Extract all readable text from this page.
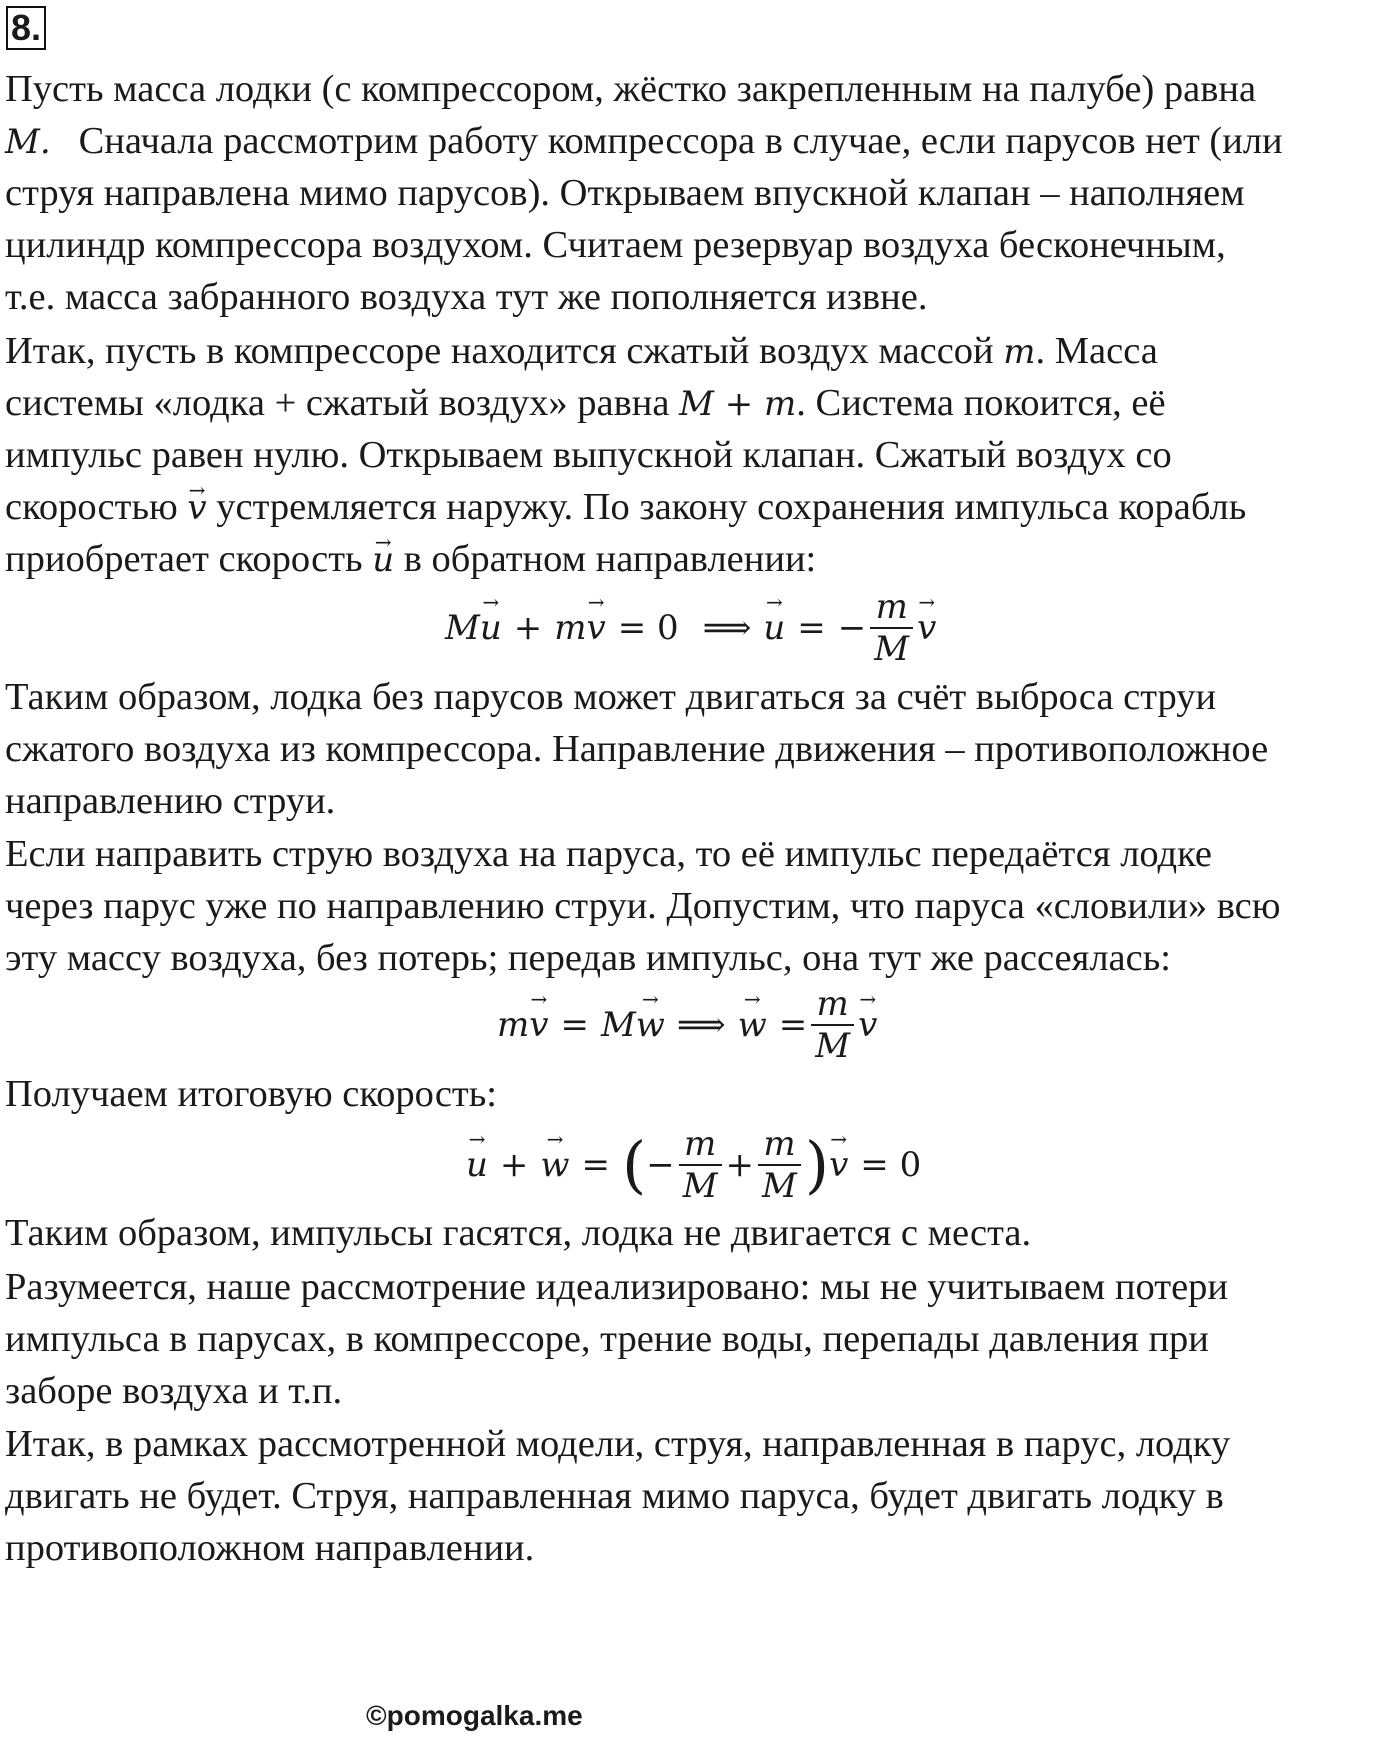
8.
Пусть масса лодки (с компрессором, жёстко закрепленным на палубе) равна
M. Сначала рассмотрим работу компрессора в случае, если парусов нет (или
струя направлена мимо парусов). Открываем впускной клапан – наполняем
цилиндр компрессора воздухом. Считаем резервуар воздуха бесконечным,
т.е. масса забранного воздуха тут же пополняется извне.
Итак, пусть в компрессоре находится сжатый воздух массой m. Масса
системы «лодка + сжатый воздух» равна M + m. Система покоится, её
импульс равен нулю. Открываем выпускной клапан. Сжатый воздух со
скоростью → v устремляется наружу. По закону сохранения импульса корабль
приобретает скорость → u в обратном направлении:
M
→ u + m
→ v = 0 ⟹
→ u = − $\frac{m}{M}$
→ v
Таким образом, лодка без парусов может двигаться за счёт выброса струи
сжатого воздуха из компрессора. Направление движения – противоположное
направлению струи.
Если направить струю воздуха на паруса, то её импульс передаётся лодке
через парус уже по направлению струи. Допустим, что паруса «словили» всю
эту массу воздуха, без потерь; передав импульс, она тут же рассеялась:
m
→ v = M
→ w ⟹
→ $w = \frac{m}{M}$
→ v
Получаем итоговую скорость:
→ u +
→ w = ( − $\frac{m}{M} + \frac{m}{M}$ )
→ v = 0
Таким образом, импульсы гасятся, лодка не двигается с места.
Разумеется, наше рассмотрение идеализировано: мы не учитываем потери
импульса в парусах, в компрессоре, трение воды, перепады давления при
заборе воздуха и т.п.
Итак, в рамках рассмотренной модели, струя, направленная в парус, лодку
двигать не будет. Струя, направленная мимо паруса, будет двигать лодку в
противоположном направлении.
©pomogalka.me
